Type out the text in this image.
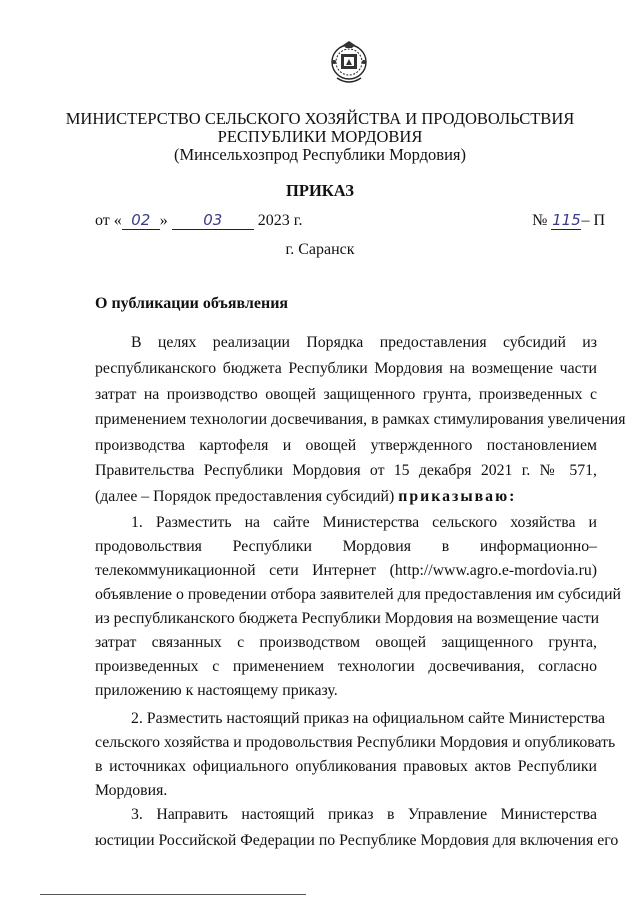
МИНИСТЕРСТВО СЕЛЬСКОГО ХОЗЯЙСТВА И ПРОДОВОЛЬСТВИЯ
РЕСПУБЛИКИ МОРДОВИЯ
(Минсельхозпрод Республики Мордовия)
ПРИКАЗ
от « 02 » 03 2023 г.	№ 115– П
г. Саранск
О публикации объявления
В целях реализации Порядка предоставления субсидий из
республиканского бюджета Республики Мордовия на возмещение части
затрат на производство овощей защищенного грунта, произведенных с
применением технологии досвечивания, в рамках стимулирования увеличения
производства картофеля и овощей утвержденного постановлением
Правительства Республики Мордовия от 15 декабря 2021 г. № 571,
(далее – Порядок предоставления субсидий) приказываю:
1. Разместить на сайте Министерства сельского хозяйства и
продовольствия Республики Мордовия в информационно–
телекоммуникационной сети Интернет (http://www.agro.e-mordovia.ru)
объявление о проведении отбора заявителей для предоставления им субсидий
из республиканского бюджета Республики Мордовия на возмещение части
затрат связанных с производством овощей защищенного грунта,
произведенных с применением технологии досвечивания, согласно
приложению к настоящему приказу.
2. Разместить настоящий приказ на официальном сайте Министерства
сельского хозяйства и продовольствия Республики Мордовия и опубликовать
в источниках официального опубликования правовых актов Республики
Мордовия.
3. Направить настоящий приказ в Управление Министерства
юстиции Российской Федерации по Республике Мордовия для включения его
